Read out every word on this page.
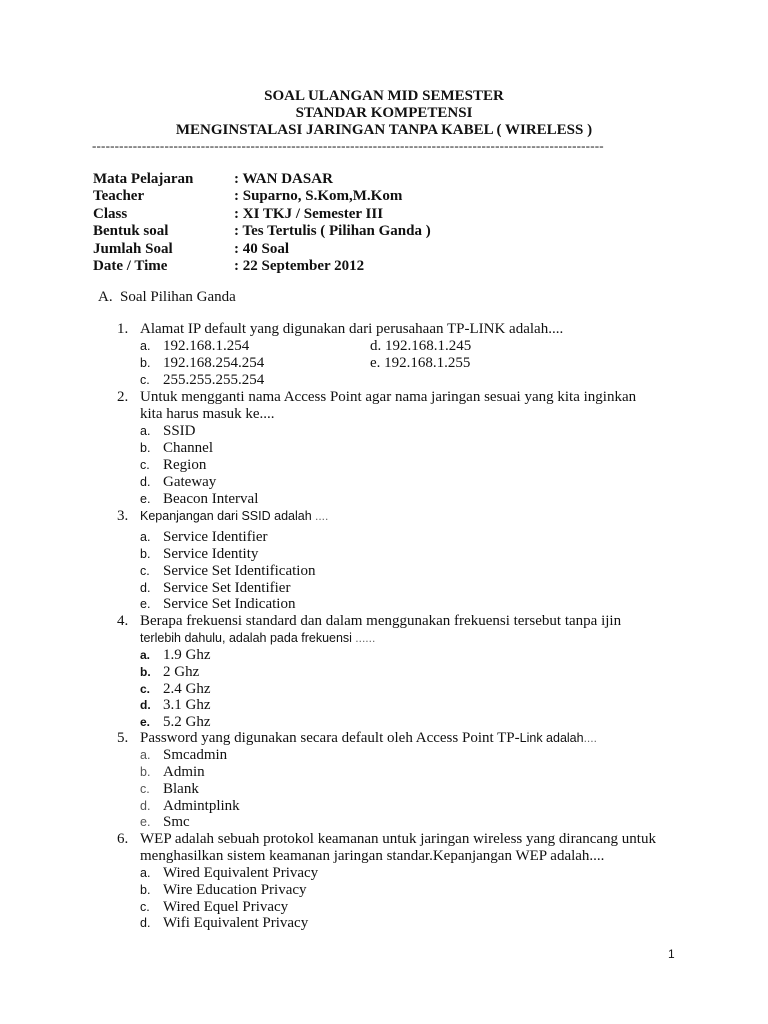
SOAL ULANGAN MID SEMESTER
STANDAR KOMPETENSI
MENGINSTALASI JARINGAN TANPA KABEL ( WIRELESS )
-----------------------------------------------------------------------------------------------------------------
Mata Pelajaran	: WAN DASAR
Teacher	: Suparno, S.Kom,M.Kom
Class	: XI TKJ / Semester III
Bentuk soal	: Tes Tertulis ( Pilihan Ganda )
Jumlah Soal	: 40 Soal
Date / Time	: 22 September 2012
A. Soal Pilihan Ganda
1. Alamat IP default yang digunakan dari perusahaan TP-LINK adalah....
a. 192.168.1.254
b. 192.168.254.254
c. 255.255.255.254
d. 192.168.1.245
e. 192.168.1.255
2. Untuk mengganti nama Access Point agar nama jaringan sesuai yang kita inginkan
kita harus masuk ke....
a. SSID
b. Channel
c. Region
d. Gateway
e. Beacon Interval
3. Kepanjangan dari SSID adalah ....
a. Service Identifier
b. Service Identity
c. Service Set Identification
d. Service Set Identifier
e. Service Set Indication
4. Berapa frekuensi standard dan dalam menggunakan frekuensi tersebut tanpa ijin
terlebih dahulu, adalah pada frekuensi ......
a. 1.9 Ghz
b. 2 Ghz
c. 2.4 Ghz
d. 3.1 Ghz
e. 5.2 Ghz
5. Password yang digunakan secara default oleh Access Point TP-Link adalah....
a. Smcadmin
b. Admin
c. Blank
d. Admintplink
e. Smc
6. WEP adalah sebuah protokol keamanan untuk jaringan wireless yang dirancang untuk
menghasilkan sistem keamanan jaringan standar.Kepanjangan WEP adalah....
a. Wired Equivalent Privacy
b. Wire Education Privacy
c. Wired Equel Privacy
d. Wifi Equivalent Privacy
1
